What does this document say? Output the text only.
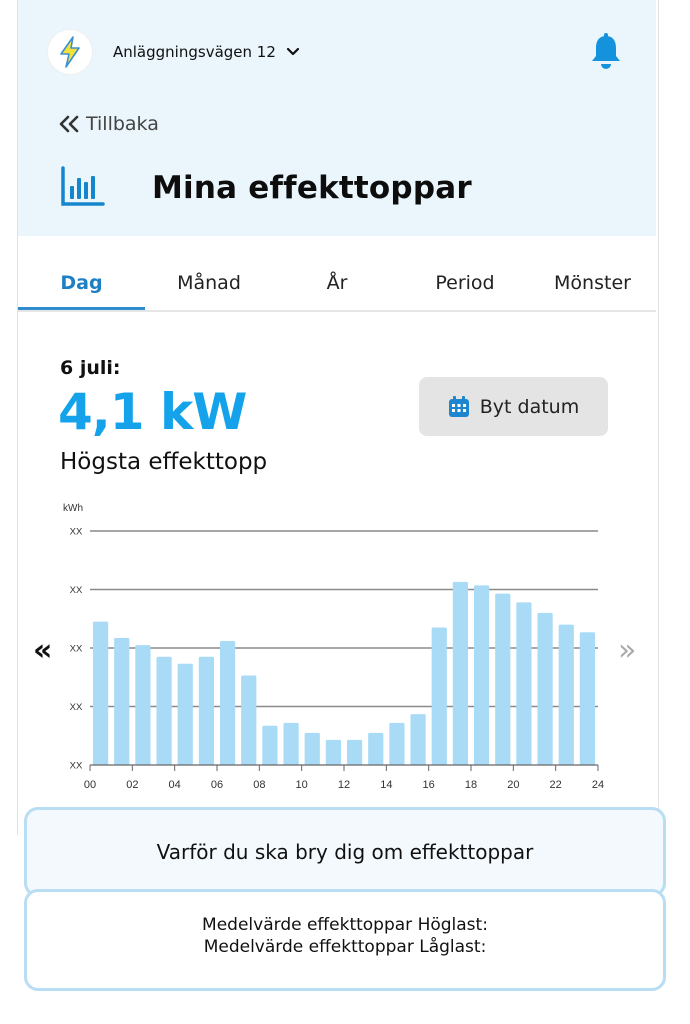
Anläggningsvägen 12
Tillbaka
Mina effekttoppar
Dag	Månad	År	Period	Mönster
6 juli:
4,1 kW
Högsta effekttopp
Byt datum
kWh
XX
XX
XX
XX
XX
00	02	04	06	08	10	12	14	16	18	20	22	24
«	»
Varför du ska bry dig om effekttoppar
Medelvärde effekttoppar Höglast:
Medelvärde effekttoppar Låglast:
